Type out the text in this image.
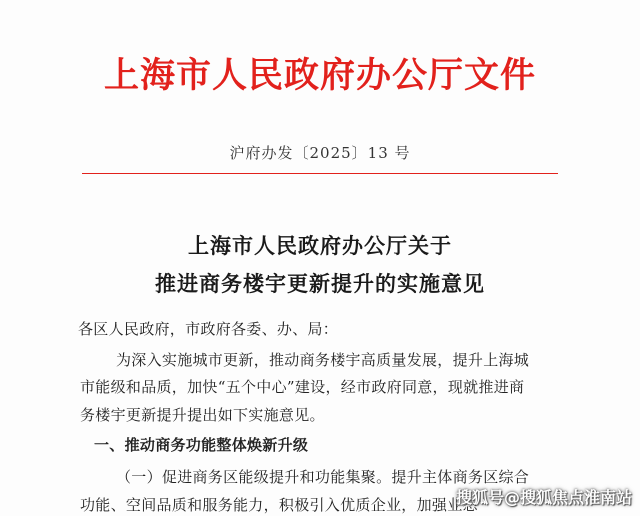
上海市人民政府办公厅文件
沪府办发〔2025〕13 号
上海市人民政府办公厅关于
推进商务楼宇更新提升的实施意见
各区人民政府，市政府各委、办、局：
为深入实施城市更新，推动商务楼宇高质量发展，提升上海城
市能级和品质，加快“五个中心”建设，经市政府同意，现就推进商
务楼宇更新提升提出如下实施意见。
一、推动商务功能整体焕新升级
（一）促进商务区能级提升和功能集聚。提升主体商务区综合
功能、空间品质和服务能力，积极引入优质企业，加强业态
搜狐号@搜狐焦点淮南站
